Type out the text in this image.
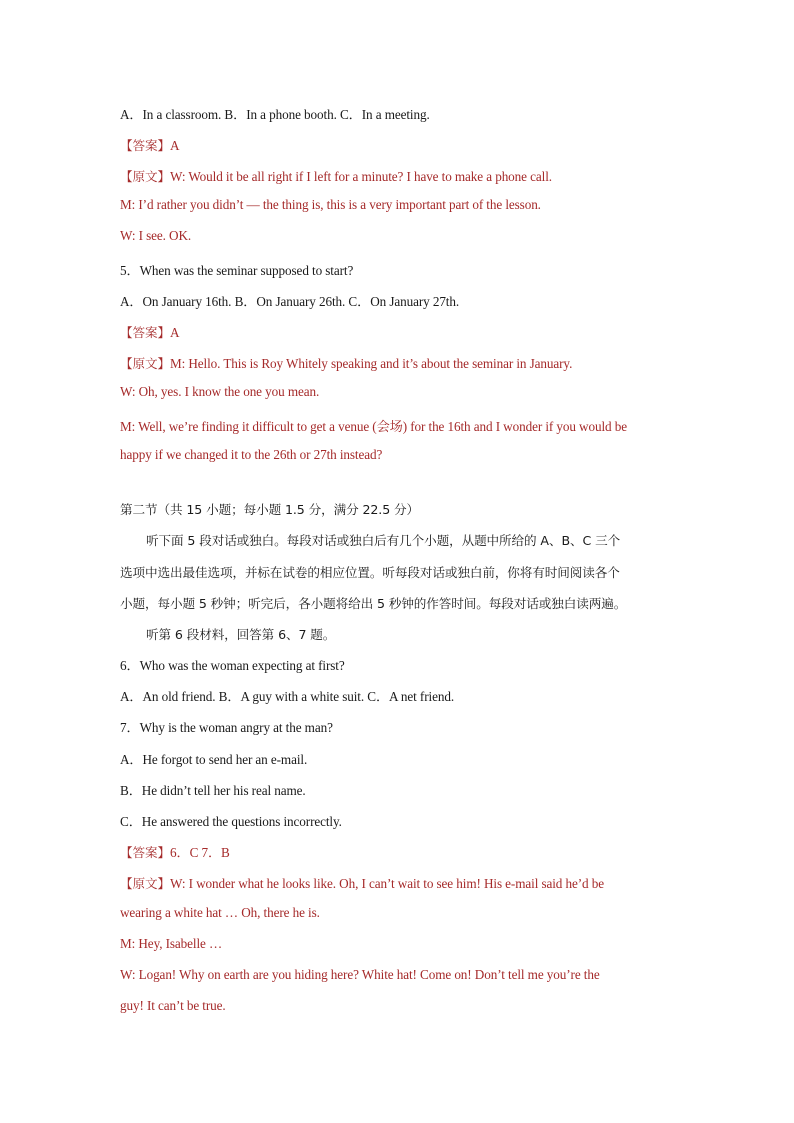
A．In a classroom. B．In a phone booth. C．In a meeting.
【答案】A
【原文】W: Would it be all right if I left for a minute? I have to make a phone call.
M: I’d rather you didn’t — the thing is, this is a very important part of the lesson.
W: I see. OK.
5．When was the seminar supposed to start?
A．On January 16th. B．On January 26th. C．On January 27th.
【答案】A
【原文】M: Hello. This is Roy Whitely speaking and it’s about the seminar in January.
W: Oh, yes. I know the one you mean.
M: Well, we’re finding it difficult to get a venue (会场) for the 16th and I wonder if you would be
happy if we changed it to the 26th or 27th instead?
第二节（共 15 小题；每小题 1.5 分，满分 22.5 分）
听下面 5 段对话或独白。每段对话或独白后有几个小题，从题中所给的 A、B、C 三个
选项中选出最佳选项，并标在试卷的相应位置。听每段对话或独白前，你将有时间阅读各个
小题，每小题 5 秒钟；听完后，各小题将给出 5 秒钟的作答时间。每段对话或独白读两遍。
听第 6 段材料，回答第 6、7 题。
6．Who was the woman expecting at first?
A．An old friend. B．A guy with a white suit. C．A net friend.
7．Why is the woman angry at the man?
A．He forgot to send her an e-mail.
B．He didn’t tell her his real name.
C．He answered the questions incorrectly.
【答案】6．C 7．B
【原文】W: I wonder what he looks like. Oh, I can’t wait to see him! His e-mail said he’d be
wearing a white hat … Oh, there he is.
M: Hey, Isabelle …
W: Logan! Why on earth are you hiding here? White hat! Come on! Don’t tell me you’re the
guy! It can’t be true.
